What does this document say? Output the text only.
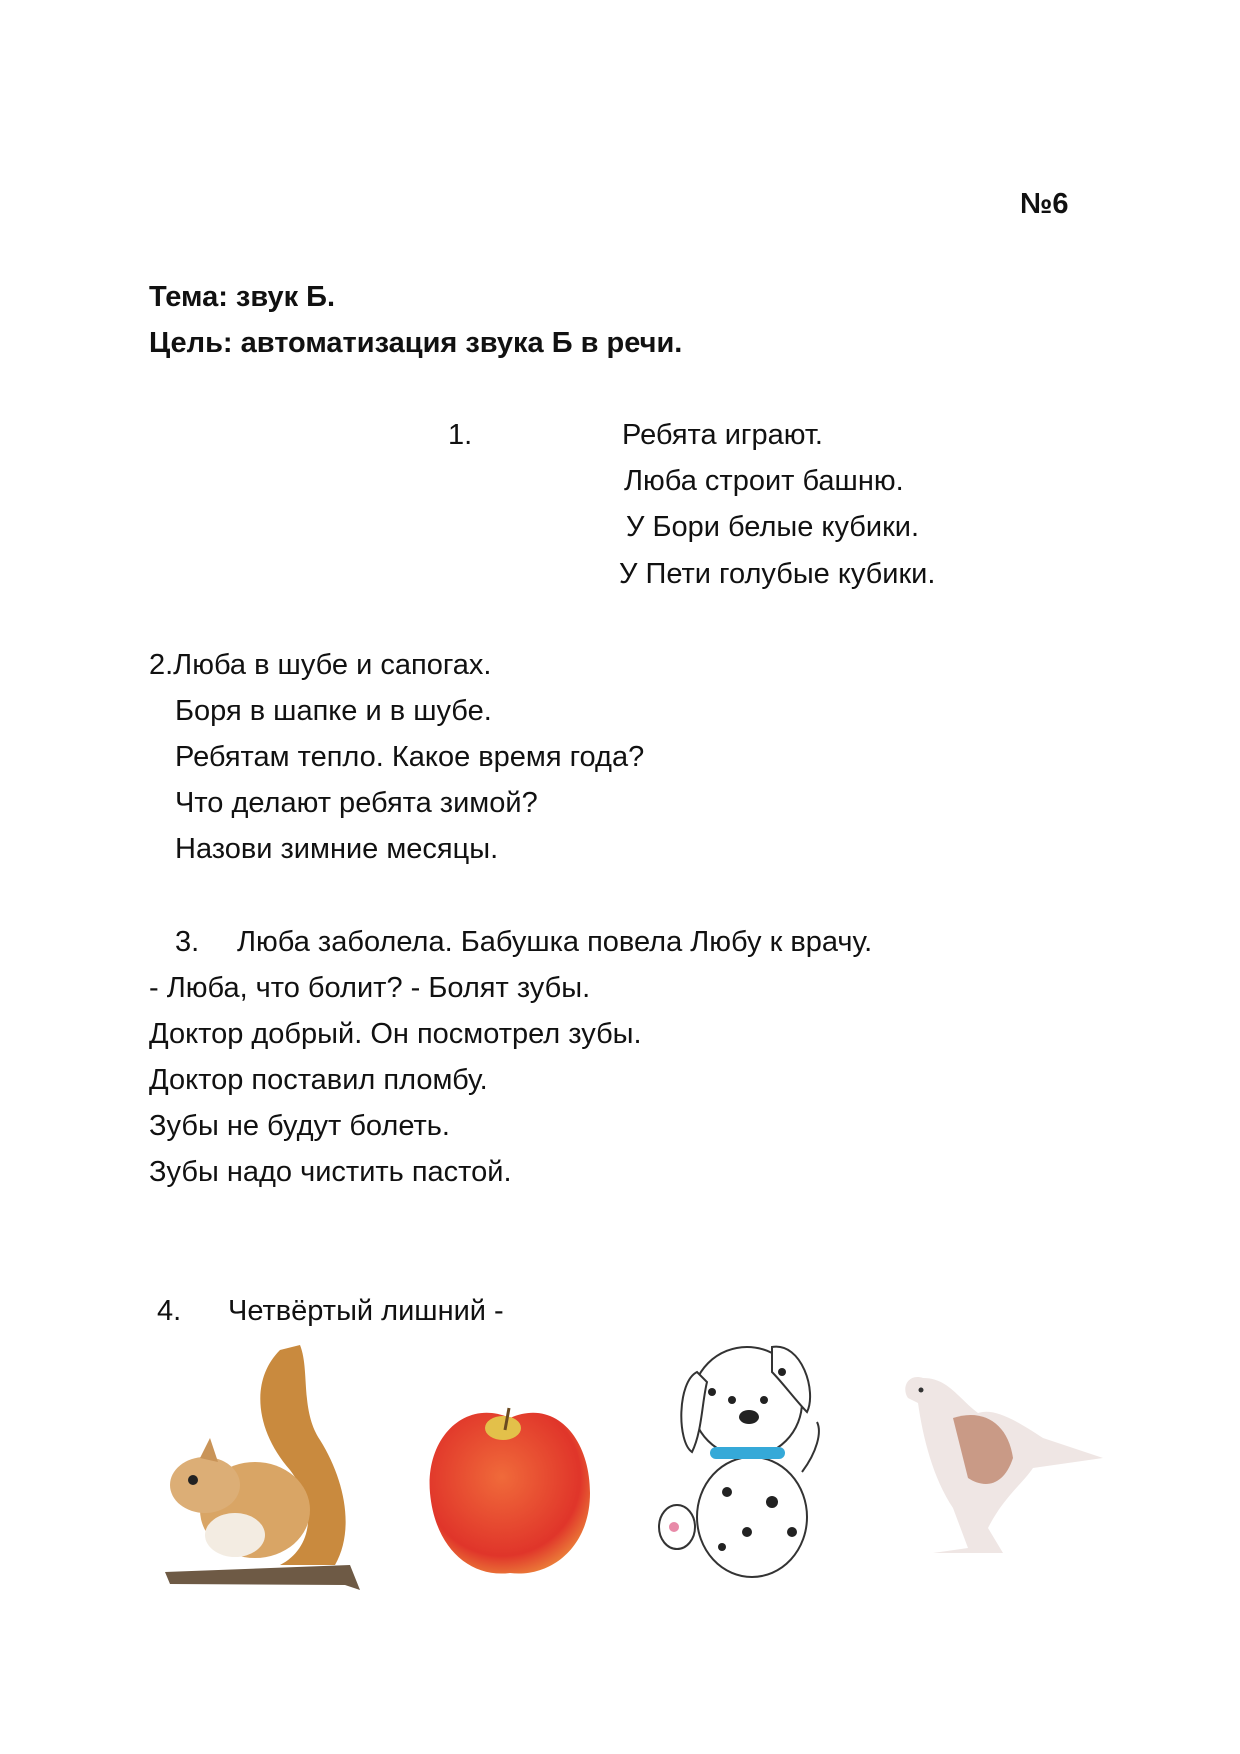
№6
Тема: звук Б.
Цель: автоматизация звука Б в речи.
1.	Ребята играют.
Люба строит башню.
У Бори белые кубики.
У Пети голубые кубики.
2.Люба в шубе и сапогах.
Боря в шапке и в шубе.
Ребятам тепло. Какое время года?
Что делают ребята зимой?
Назови зимние месяцы.
3. Люба заболела. Бабушка повела Любу к врачу.
- Люба, что болит? - Болят зубы.
Доктор добрый. Он посмотрел зубы.
Доктор поставил пломбу.
Зубы не будут болеть.
Зубы надо чистить пастой.
4. Четвёртый лишний -
